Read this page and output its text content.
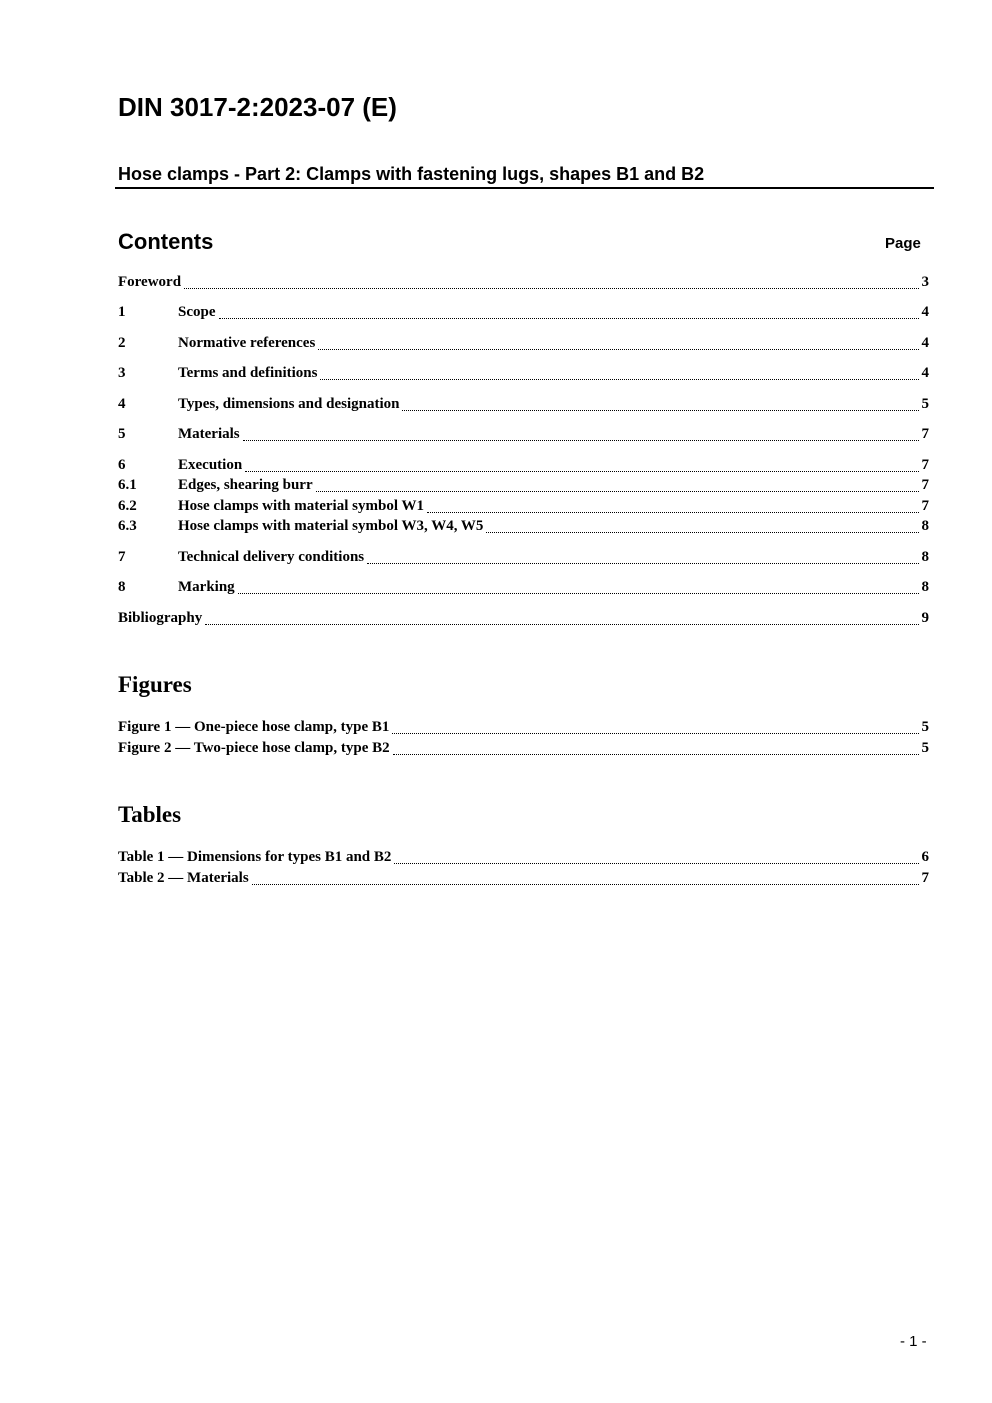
DIN 3017-2:2023-07 (E)
Hose clamps - Part 2: Clamps with fastening lugs, shapes B1 and B2
Contents	Page
Foreword	3
1	Scope	4
2	Normative references	4
3	Terms and definitions	4
4	Types, dimensions and designation	5
5	Materials	7
6	Execution	7
6.1	Edges, shearing burr	7
6.2	Hose clamps with material symbol W1	7
6.3	Hose clamps with material symbol W3, W4, W5	8
7	Technical delivery conditions	8
8	Marking	8
Bibliography	9
Figures
Figure 1 — One-piece hose clamp, type B1	5
Figure 2 — Two-piece hose clamp, type B2	5
Tables
Table 1 — Dimensions for types B1 and B2	6
Table 2 — Materials	7
- 1 -
